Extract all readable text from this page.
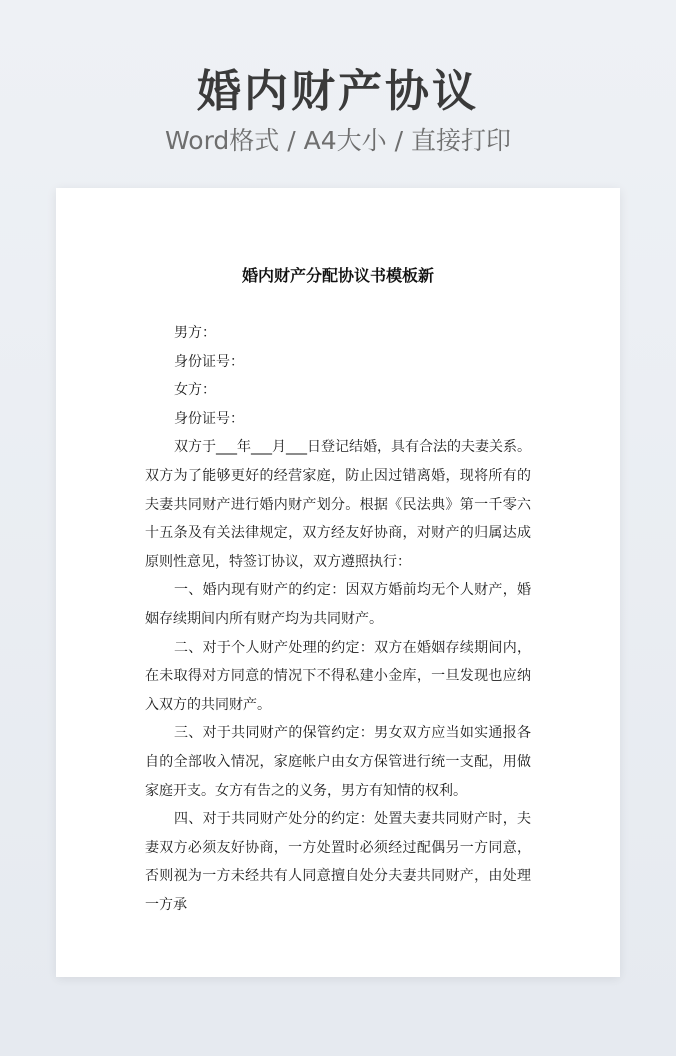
婚内财产协议
Word格式 / A4大小 / 直接打印
婚内财产分配协议书模板新
男方：
身份证号：
女方：
身份证号：

双方于___年___月___日登记结婚，具有合法的夫妻关系。双方为了能够更好的经营家庭，防止因过错离婚，现将所有的夫妻共同财产进行婚内财产划分。根据《民法典》第一千零六十五条及有关法律规定，双方经友好协商，对财产的归属达成原则性意见，特签订协议，双方遵照执行：

一、婚内现有财产的约定：因双方婚前均无个人财产，婚姻存续期间内所有财产均为共同财产。

二、对于个人财产处理的约定：双方在婚姻存续期间内，在未取得对方同意的情况下不得私建小金库，一旦发现也应纳入双方的共同财产。

三、对于共同财产的保管约定：男女双方应当如实通报各自的全部收入情况，家庭帐户由女方保管进行统一支配，用做家庭开支。女方有告之的义务，男方有知情的权利。

四、对于共同财产处分的约定：处置夫妻共同财产时，夫妻双方必须友好协商，一方处置时必须经过配偶另一方同意，否则视为一方未经共有人同意擅自处分夫妻共同财产，由处理一方承
